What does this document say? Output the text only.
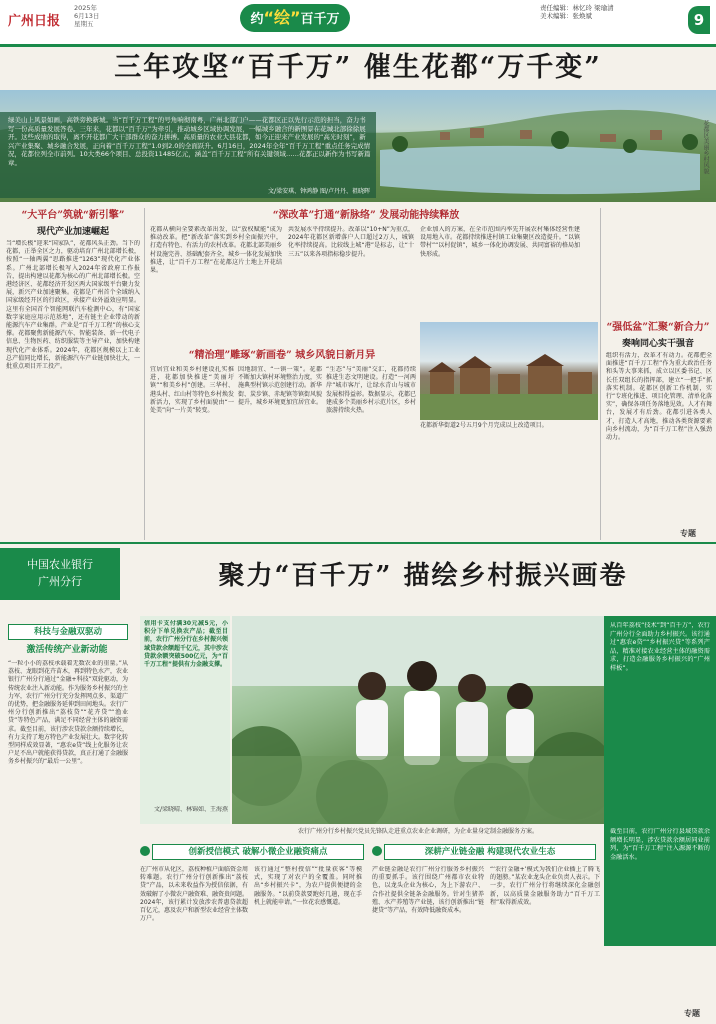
广州日报
2025年
6月13日
星期五	约“绘”百千万
责任编辑：林忆玲 梁瑜清
美术编辑：张焕斌	9
三年攻坚“百千万” 催生花都“万千变”
绿美山上风景如画，高铁旁换新城。当“百千万工程”的号角响彻南粤，广州北部门户——花都区正以先行示范的担当，奋力书写一份高质量发展答卷。三年来，花都以“百千万”为牵引，推动城乡区域协调发展，一幅城乡融合的新图景在花城北部徐徐展开。这些成绩的取得，离不开花都广大干部群众的奋力拼搏。高质量的农业大县花都，如今正迎来产业发展的“高光时刻”，新兴产业集聚、城乡融合发展，正向着“百千万工程”1.0到2.0的全面跃升。6月16日，2024年全年“百千万工程”重点任务完成情况，花都位列全市前列。10大类66个项目、总投资11485亿元，涵盖“百千万工程”所有关键领域……花都正以新作为书写新篇章。
文/梁安琪、钟鸿静 图/卢丹丹、祖晓晖
花都区美丽乡村风貌
“大平台”筑就“新引擎”
现代产业加速崛起
当“增长极”迎来“国家队”，花都风头正劲。当下的花都，正举全区之力，驱动培育广州北部增长极，按照“一轴两翼”思路推进“1263”现代化产业体系。广州北部增长极写入2024年省政府工作报告，提出构建以花都为核心的广州北部增长极。空港经济区、花都经济开发区两大国家级平台聚力发展，新兴产业加速聚集。花都是广州首个全域纳入国家级经开区的行政区，承接产业外溢效应明显。这里有全国首个智能网联汽车检测中心，有“国家数字家庭应用示范基地”，还有链主企业带动的新能源汽车产业集群。产业是“百千万工程”的核心支撑。花都聚焦新能源汽车、智能装备、新一代电子信息、生物医药、纺织服装等主导产业，加快构建现代化产业体系。2024年，花都区规模以上工业总产值同比增长，新能源汽车产业链加快壮大，一批重点项目开工投产。
“深改革”打通“新脉络” 发展动能持续释放
花都从横向全要素改革出发，以“放权赋能”成为推动改革。把“新改革”落实到乡村全面振兴中，打造有特色、有活力的农村改革。花都北部美丽乡村设施完善、基础配套齐全，城乡一体化发展加快推进，让“百千万工程”在花都这片土地上开花结果。
共发展水平持续提升。改革以“10+N”为重点，2024年花都区新增落户人口超过2万人，城镇化率持续提高。比较线上城“港”是标志，让“十三五”以来各项指标稳步提升。
企业加入的方案，在全市范围内率先开展农村集体经营性建设用地入市。花都持续推进村镇工业集聚区改造提升。“以镇带村”“以村促镇”，城乡一体化协调发展、共同富裕的格局加快形成。
花都新华街道2号五月9个月完成以上改造项目。
“精治理”雕琢“新画卷” 城乡风貌日新月异
宜居宜业和美乡村建设扎实推进，花都加快推进“美丽圩镇”“和美乡村”创建。三华村、港头村、红山村等特色乡村焕发新活力，实现了乡村面貌由“一处美”向“一片美”转变。
因地制宜、“一镇一策”。花都不断加大镇村环境整治力度，实施典型村镇示范创建行动。新华街、炭步镇、赤坭镇等镇街风貌提升，城乡环境更加宜居宜业。
“生态”与“美丽”交汇，花都持续推进生态文明建设。打造“一河两岸”城市客厅，让绿水青山与城市发展相得益彰。数据显示，花都已建成多个美丽乡村示范片区，乡村旅游持续火热。
“强低盆”汇聚“新合力”
奏响同心实干强音
组织有活力，改革才有动力。花都把全面推进“百千万工程”作为重大政治任务和头等大事来抓，成立以区委书记、区长任双组长的指挥部，建立“一把手”抓落实机制。花都区创新工作机制，实行“专班化推进、项目化管理、清单化落实”，确保各项任务落地见效。人才有舞台，发展才有后劲。花都引进各类人才，打造人才高地，推动各类资源要素向乡村流动，为“百千万工程”注入强劲动力。
专题
中国农业银行
广州分行	聚力“百千万” 描绘乡村振兴画卷
科技与金融双驱动
激活传统产业新动能
“一粒小小的荔枝承载着无数农业的重量。”从荔枝、龙眼到花卉苗木，再到特色水产，农业银行广州分行通过“金融+科技”双轮驱动，为传统农业注入新动能。作为服务乡村振兴的主力军，农行广州分行充分发挥网点多、渠道广的优势，把金融服务延伸到田间地头。农行广州分行创新推出“荔枝贷”“花卉贷”“渔业贷”等特色产品，满足不同经营主体的融资需求。截至目前，该行涉农贷款余额持续增长，有力支持了地方特色产业发展壮大。数字化转型同样成效显著，“惠农e贷”线上化服务让农户足不出户就能获得贷款，真正打通了金融服务乡村振兴的“最后一公里”。
信用卡支付满30元减5元，小积分下单兑换农产品；截至目前，农行广州分行在乡村振兴领域贷款余额超千亿元，其中涉农贷款余额突破500亿元，为“百千万工程”提供有力金融支撑。
文/梁晓晴、林锦如、王海燕
农行广州分行乡村振兴党员先锋队走进重点农业企业调研，为企业量身定制金融服务方案。
从百年荔枝“技术”到“百千万”，农行广州分行全面助力乡村振兴。该行通过“惠农e贷”“乡村振兴贷”等系列产品，精准对接农业经营主体的融资需求，打造金融服务乡村振兴的“广州样板”。
截至目前，农行广州分行县域贷款余额增长明显，涉农贷款余额居同业前列，为“百千万工程”注入源源不断的金融活水。
创新授信模式 破解小微企业融资痛点	深耕产业链金融 构建现代农业生态
在广州市从化区，荔枝种植户面临资金周转难题。农行广州分行创新推出“荔枝贷”产品，以未来收益作为授信依据，有效破解了小微农户融资难、融资贵问题。2024年，该行累计发放涉农普惠贷款超百亿元，惠及农户和新型农业经营主体数万户。
该行通过“整村授信”“批量获客”等模式，实现了对农户的全覆盖。同时推出“乡村振兴卡”，为农户提供便捷的金融服务。“以前贷款要跑好几趟，现在手机上就能申请。”一位花农感慨道。
产业链金融是农行广州分行服务乡村振兴的重要抓手。该行围绕广州都市农业特色，以龙头企业为核心，为上下游农户、合作社提供全链条金融服务。针对生猪养殖、水产养殖等产业链，该行创新推出“链捷贷”等产品，有效降低融资成本。
“‘农行金融+’模式为我们企业插上了腾飞的翅膀。”某农业龙头企业负责人表示。下一步，农行广州分行将继续深化金融创新，以高质量金融服务助力“百千万工程”取得新成效。
专题
